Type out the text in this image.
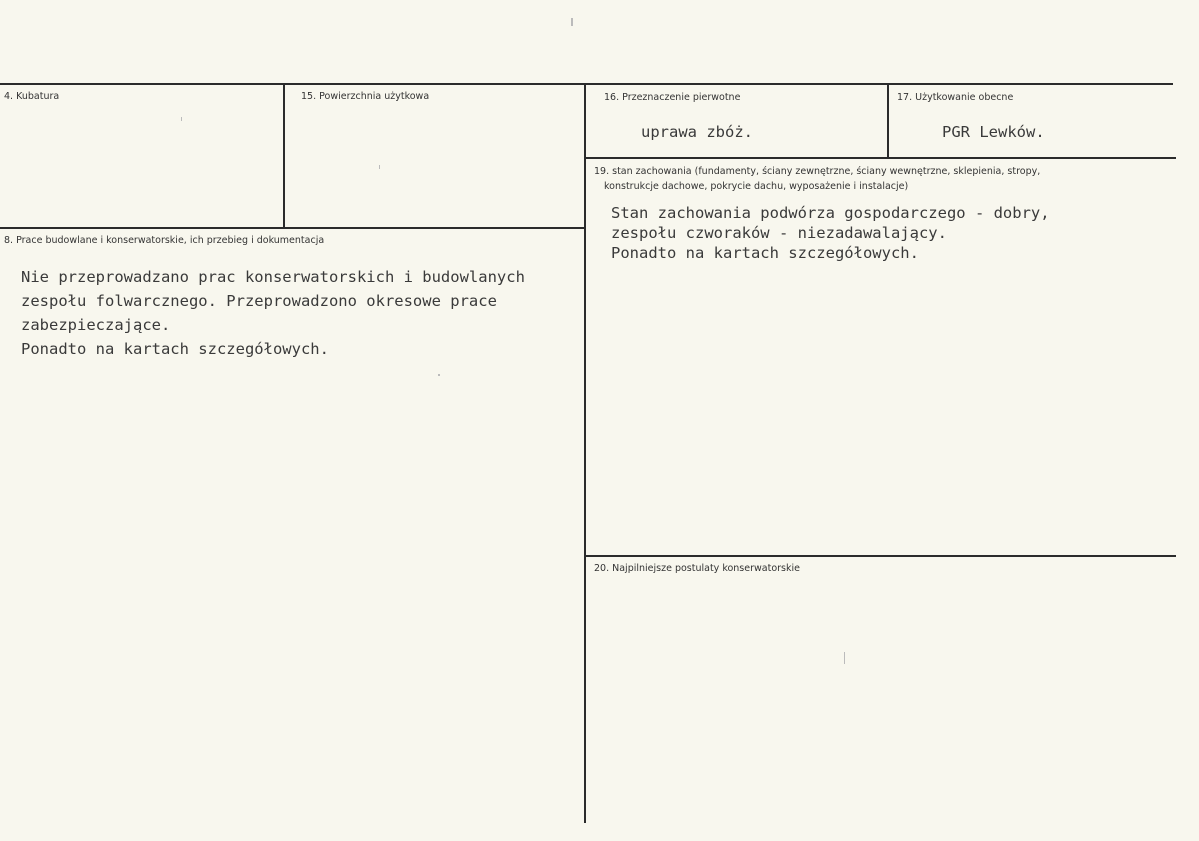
4. Kubatura	15. Powierzchnia użytkowa	16. Przeznaczenie pierwotne
uprawa zbóż.
17. Użytkowanie obecne
PGR Lewków.
8. Prace budowlane i konserwatorskie, ich przebieg i dokumentacja
Nie przeprowadzano prac konserwatorskich i budowlanych
zespołu folwarcznego. Przeprowadzono okresowe prace
zabezpieczające.
Ponadto na kartach szczegółowych.
19. stan zachowania (fundamenty, ściany zewnętrzne, ściany wewnętrzne, sklepienia, stropy,
konstrukcje dachowe, pokrycie dachu, wyposażenie i instalacje)
Stan zachowania podwórza gospodarczego - dobry,
zespołu czworaków - niezadawalający.
Ponadto na kartach szczegółowych.
20. Najpilniejsze postulaty konserwatorskie
